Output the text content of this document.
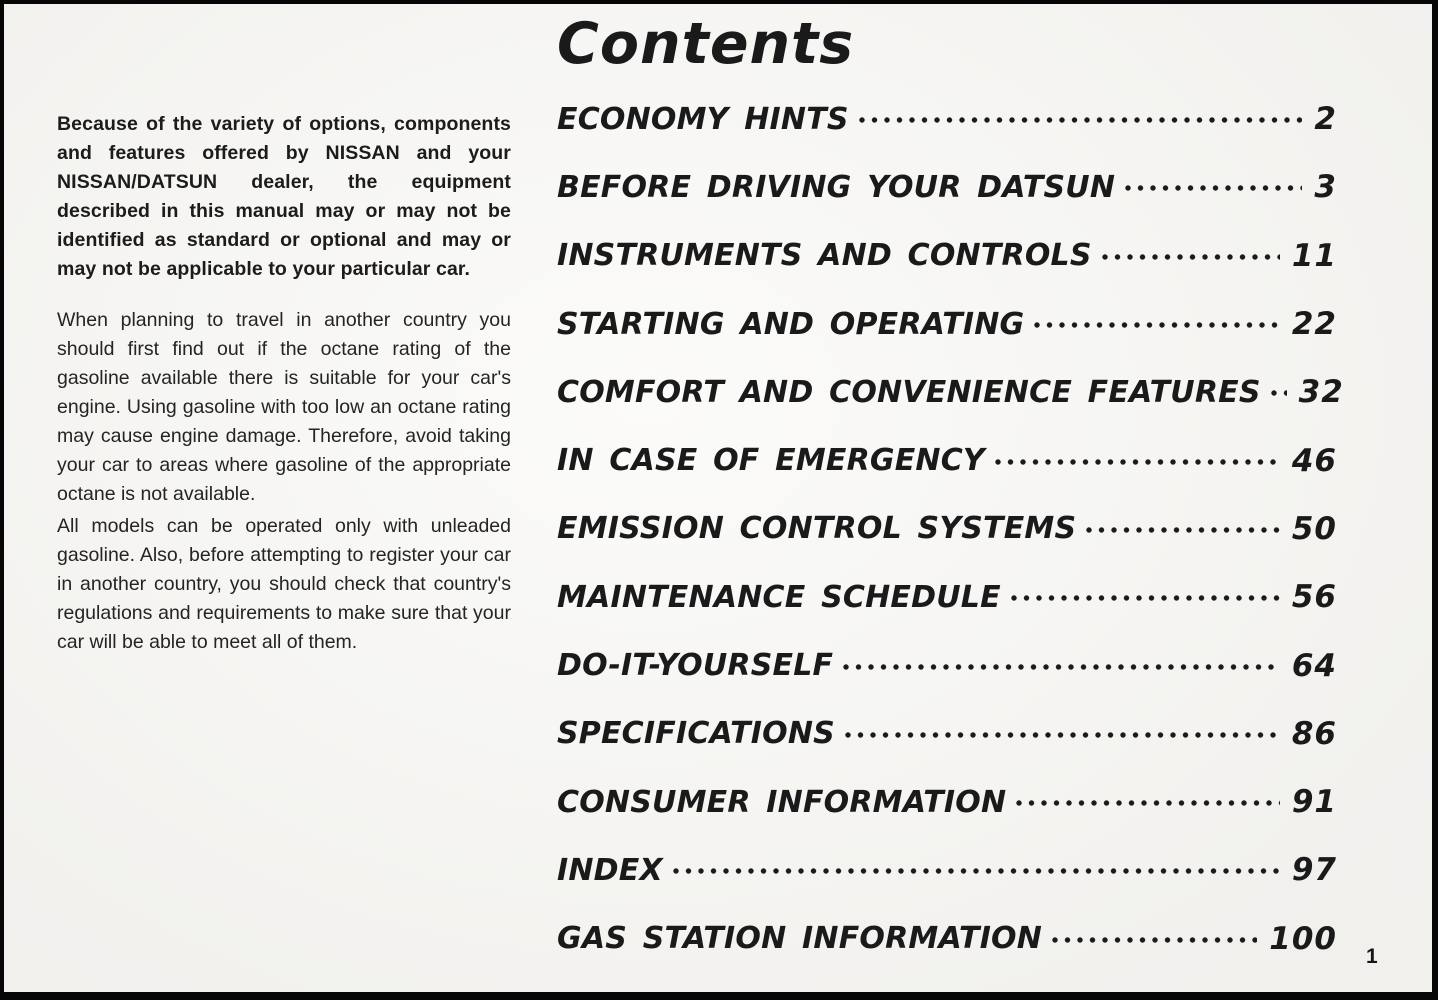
Because of the variety of options, components and features offered by NISSAN and your NISSAN/DATSUN dealer, the equipment described in this manual may or may not be identified as standard or optional and may or may not be applicable to your particular car.

When planning to travel in another country you should first find out if the octane rating of the gasoline available there is suitable for your car's engine. Using gasoline with too low an octane rating may cause engine damage. Therefore, avoid taking your car to areas where gasoline of the appropriate octane is not available.

All models can be operated only with unleaded gasoline. Also, before attempting to register your car in another country, you should check that country's regulations and requirements to make sure that your car will be able to meet all of them.

Contents
ECONOMY HINTS	2
BEFORE DRIVING YOUR DATSUN	3
INSTRUMENTS AND CONTROLS	11
STARTING AND OPERATING	22
COMFORT AND CONVENIENCE FEATURES 32
IN CASE OF EMERGENCY	46
EMISSION CONTROL SYSTEMS	50
MAINTENANCE SCHEDULE	56
DO-IT-YOURSELF	64
SPECIFICATIONS	86
CONSUMER INFORMATION	91
INDEX	97
GAS STATION INFORMATION	100 1
